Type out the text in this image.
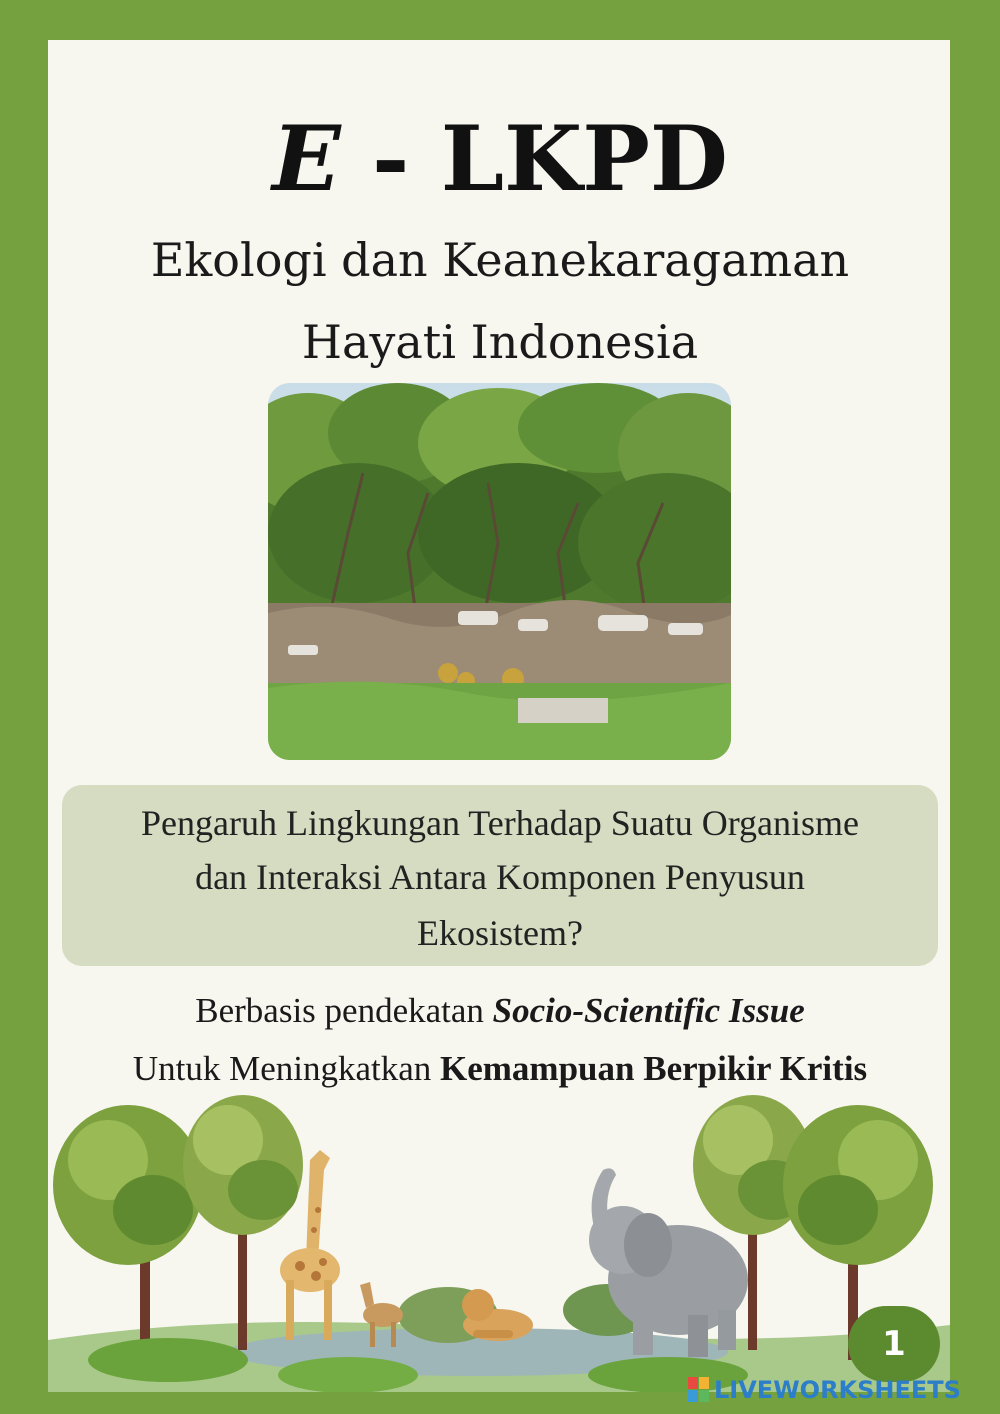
E - LKPD
Ekologi dan Keanekaragaman
Hayati Indonesia
Pengaruh Lingkungan Terhadap Suatu Organisme
dan Interaksi Antara Komponen Penyusun
Ekosistem?
Berbasis pendekatan Socio-Scientific Issue
Untuk Meningkatkan Kemampuan Berpikir Kritis
1
LIVEWORKSHEETS
